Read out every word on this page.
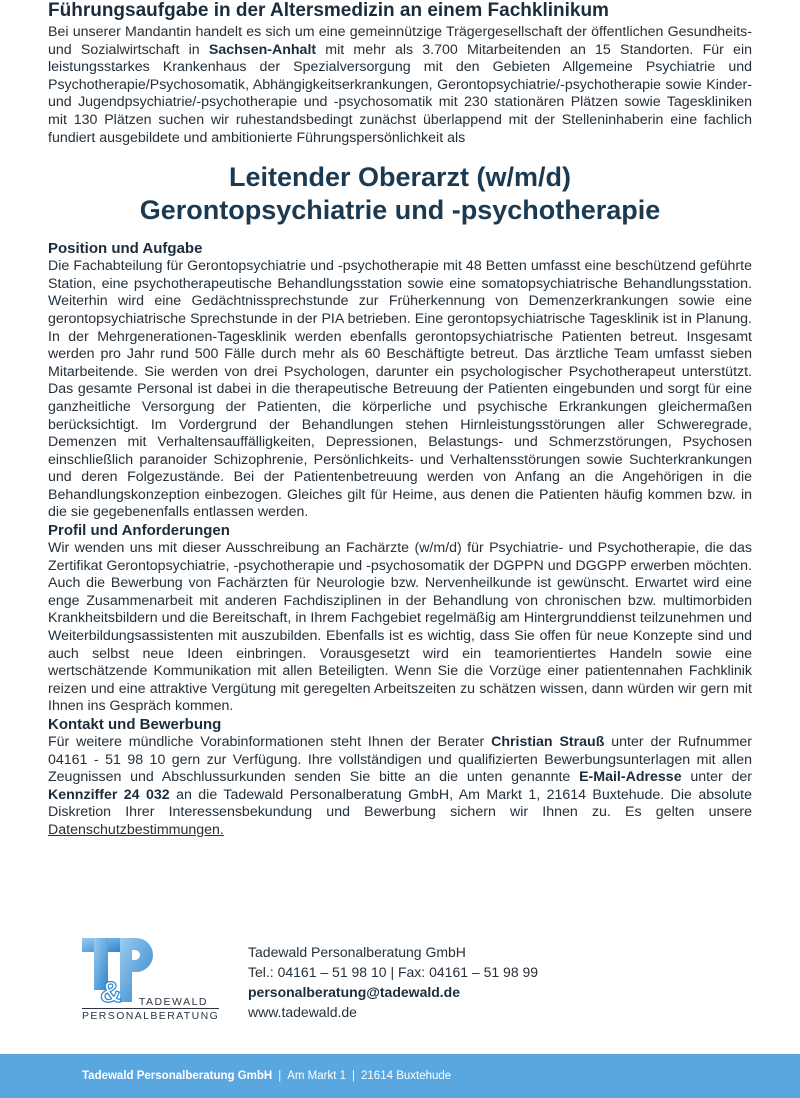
Führungsaufgabe in der Altersmedizin an einem Fachklinikum

Bei unserer Mandantin handelt es sich um eine gemeinnützige Trägergesellschaft der öffentlichen Gesundheits- und Sozialwirtschaft in Sachsen-Anhalt mit mehr als 3.700 Mitarbeitenden an 15 Standorten. Für ein leistungsstarkes Krankenhaus der Spezialversorgung mit den Gebieten Allgemeine Psychiatrie und Psychotherapie/Psychosomatik, Abhängigkeitserkrankungen, Gerontopsychiatrie/-psychotherapie sowie Kinder- und Jugendpsychiatrie/-psychotherapie und -psychosomatik mit 230 stationären Plätzen sowie Tageskliniken mit 130 Plätzen suchen wir ruhestandsbedingt zunächst überlappend mit der Stelleninhaberin eine fachlich fundiert ausgebildete und ambitionierte Führungspersönlichkeit als

Leitender Oberarzt (w/m/d)
Gerontopsychiatrie und -psychotherapie
Position und Aufgabe

Die Fachabteilung für Gerontopsychiatrie und -psychotherapie mit 48 Betten umfasst eine beschützend geführte Station, eine psychotherapeutische Behandlungsstation sowie eine somatopsychiatrische Behandlungsstation. Weiterhin wird eine Gedächtnissprechstunde zur Früherkennung von Demenzerkrankungen sowie eine gerontopsychiatrische Sprechstunde in der PIA betrieben. Eine gerontopsychiatrische Tagesklinik ist in Planung. In der Mehrgenerationen-Tagesklinik werden ebenfalls gerontopsychiatrische Patienten betreut. Insgesamt werden pro Jahr rund 500 Fälle durch mehr als 60 Beschäftigte betreut. Das ärztliche Team umfasst sieben Mitarbeitende. Sie werden von drei Psychologen, darunter ein psychologischer Psychotherapeut unterstützt. Das gesamte Personal ist dabei in die therapeutische Betreuung der Patienten eingebunden und sorgt für eine ganzheitliche Versorgung der Patienten, die körperliche und psychische Erkrankungen gleichermaßen berücksichtigt. Im Vordergrund der Behandlungen stehen Hirnleistungsstörungen aller Schweregrade, Demenzen mit Verhaltensauffälligkeiten, Depressionen, Belastungs- und Schmerzstörungen, Psychosen einschließlich paranoider Schizophrenie, Persönlichkeits- und Verhaltensstörungen sowie Suchterkrankungen und deren Folgezustände. Bei der Patientenbetreuung werden von Anfang an die Angehörigen in die Behandlungskonzeption einbezogen. Gleiches gilt für Heime, aus denen die Patienten häufig kommen bzw. in die sie gegebenenfalls entlassen werden.

Profil und Anforderungen

Wir wenden uns mit dieser Ausschreibung an Fachärzte (w/m/d) für Psychiatrie- und Psychotherapie, die das Zertifikat Gerontopsychiatrie, -psychotherapie und -psychosomatik der DGPPN und DGGPP erwerben möchten. Auch die Bewerbung von Fachärzten für Neurologie bzw. Nervenheilkunde ist gewünscht. Erwartet wird eine enge Zusammenarbeit mit anderen Fachdisziplinen in der Behandlung von chronischen bzw. multimorbiden Krankheitsbildern und die Bereitschaft, in Ihrem Fachgebiet regelmäßig am Hintergrunddienst teilzunehmen und Weiterbildungsassistenten mit auszubilden. Ebenfalls ist es wichtig, dass Sie offen für neue Konzepte sind und auch selbst neue Ideen einbringen. Vorausgesetzt wird ein teamorientiertes Handeln sowie eine wertschätzende Kommunikation mit allen Beteiligten. Wenn Sie die Vorzüge einer patientennahen Fachklinik reizen und eine attraktive Vergütung mit geregelten Arbeitszeiten zu schätzen wissen, dann würden wir gern mit Ihnen ins Gespräch kommen.

Kontakt und Bewerbung

Für weitere mündliche Vorabinformationen steht Ihnen der Berater Christian Strauß unter der Rufnummer 04161 - 51 98 10 gern zur Verfügung. Ihre vollständigen und qualifizierten Bewerbungsunterlagen mit allen Zeugnissen und Abschlussurkunden senden Sie bitte an die unten genannte E-Mail-Adresse unter der Kennziffer 24 032 an die Tadewald Personalberatung GmbH, Am Markt 1, 21614 Buxtehude. Die absolute Diskretion Ihrer Interessensbekundung und Bewerbung sichern wir Ihnen zu. Es gelten unsere Datenschutzbestimmungen.

& TADEWALD
PERSONALBERATUNG
Tadewald Personalberatung GmbH
Tel.: 04161 – 51 98 10 | Fax: 04161 – 51 98 99
personalberatung@tadewald.de
www.tadewald.de
Tadewald Personalberatung GmbH | Am Markt 1 | 21614 Buxtehude
